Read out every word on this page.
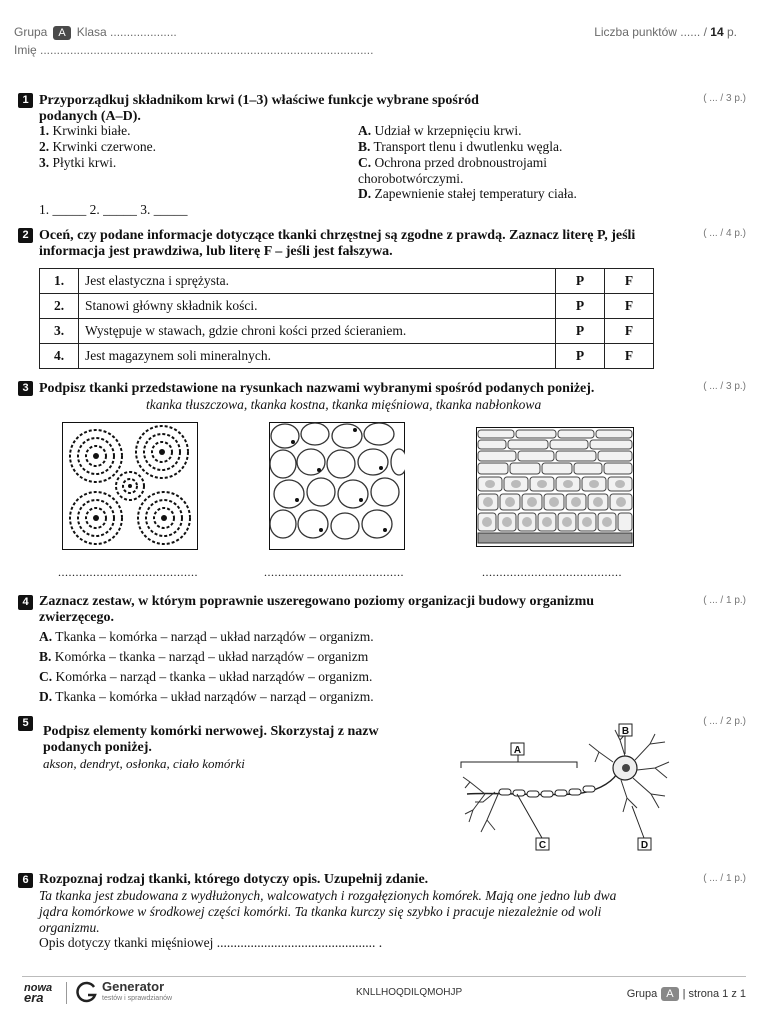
Grupa A Klasa ....................
Imię ....................................................................................................
Liczba punktów ...... / 14 p.
1 Przyporządkuj składnikom krwi (1–3) właściwe funkcje wybrane spośród
podanych (A–D).
( ... / 3 p.)
1. Krwinki białe.
2. Krwinki czerwone.
3. Płytki krwi.
A. Udział w krzepnięciu krwi.
B. Transport tlenu i dwutlenku węgla.
C. Ochrona przed drobnoustrojami
chorobotwórczymi.
D. Zapewnienie stałej temperatury ciała.
1. _____ 2. _____ 3. _____
2 Oceń, czy podane informacje dotyczące tkanki chrzęstnej są zgodne z prawdą. Zaznacz literę P, jeśli
informacja jest prawdziwa, lub literę F – jeśli jest fałszywa.
( ... / 4 p.)
1.	Jest elastyczna i sprężysta.	P	F
2.	Stanowi główny składnik kości.	P	F
3.	Występuje w stawach, gdzie chroni kości przed ścieraniem.	P	F
4.	Jest magazynem soli mineralnych.	P	F
3 Podpisz tkanki przedstawione na rysunkach nazwami wybranymi spośród podanych poniżej.	( ... / 3 p.)
tkanka tłuszczowa, tkanka kostna, tkanka mięśniowa, tkanka nabłonkowa
........................................	........................................	........................................
4 Zaznacz zestaw, w którym poprawnie uszeregowano poziomy organizacji budowy organizmu
zwierzęcego.
( ... / 1 p.)
A. Tkanka – komórka – narząd – układ narządów – organizm.
B. Komórka – tkanka – narząd – układ narządów – organizm
C. Komórka – narząd – tkanka – układ narządów – organizm.
D. Tkanka – komórka – układ narządów – narząd – organizm.
5
Podpisz elementy komórki nerwowej. Skorzystaj z nazw
podanych poniżej.
( ... / 2 p.)
akson, dendryt, osłonka, ciało komórki
A
B
C	D
6 Rozpoznaj rodzaj tkanki, którego dotyczy opis. Uzupełnij zdanie.	( ... / 1 p.)
Ta tkanka jest zbudowana z wydłużonych, walcowatych i rozgałęzionych komórek. Mają one jedno lub dwa
jądra komórkowe w środkowej części komórki. Ta tkanka kurczy się szybko i pracuje niezależnie od woli
organizmu.
Opis dotyczy tkanki mięśniowej ............................................... .
nowa
era
Generator
testów i sprawdzianów
KNLLHOQDILQMOHJP	Grupa A | strona 1 z 1
